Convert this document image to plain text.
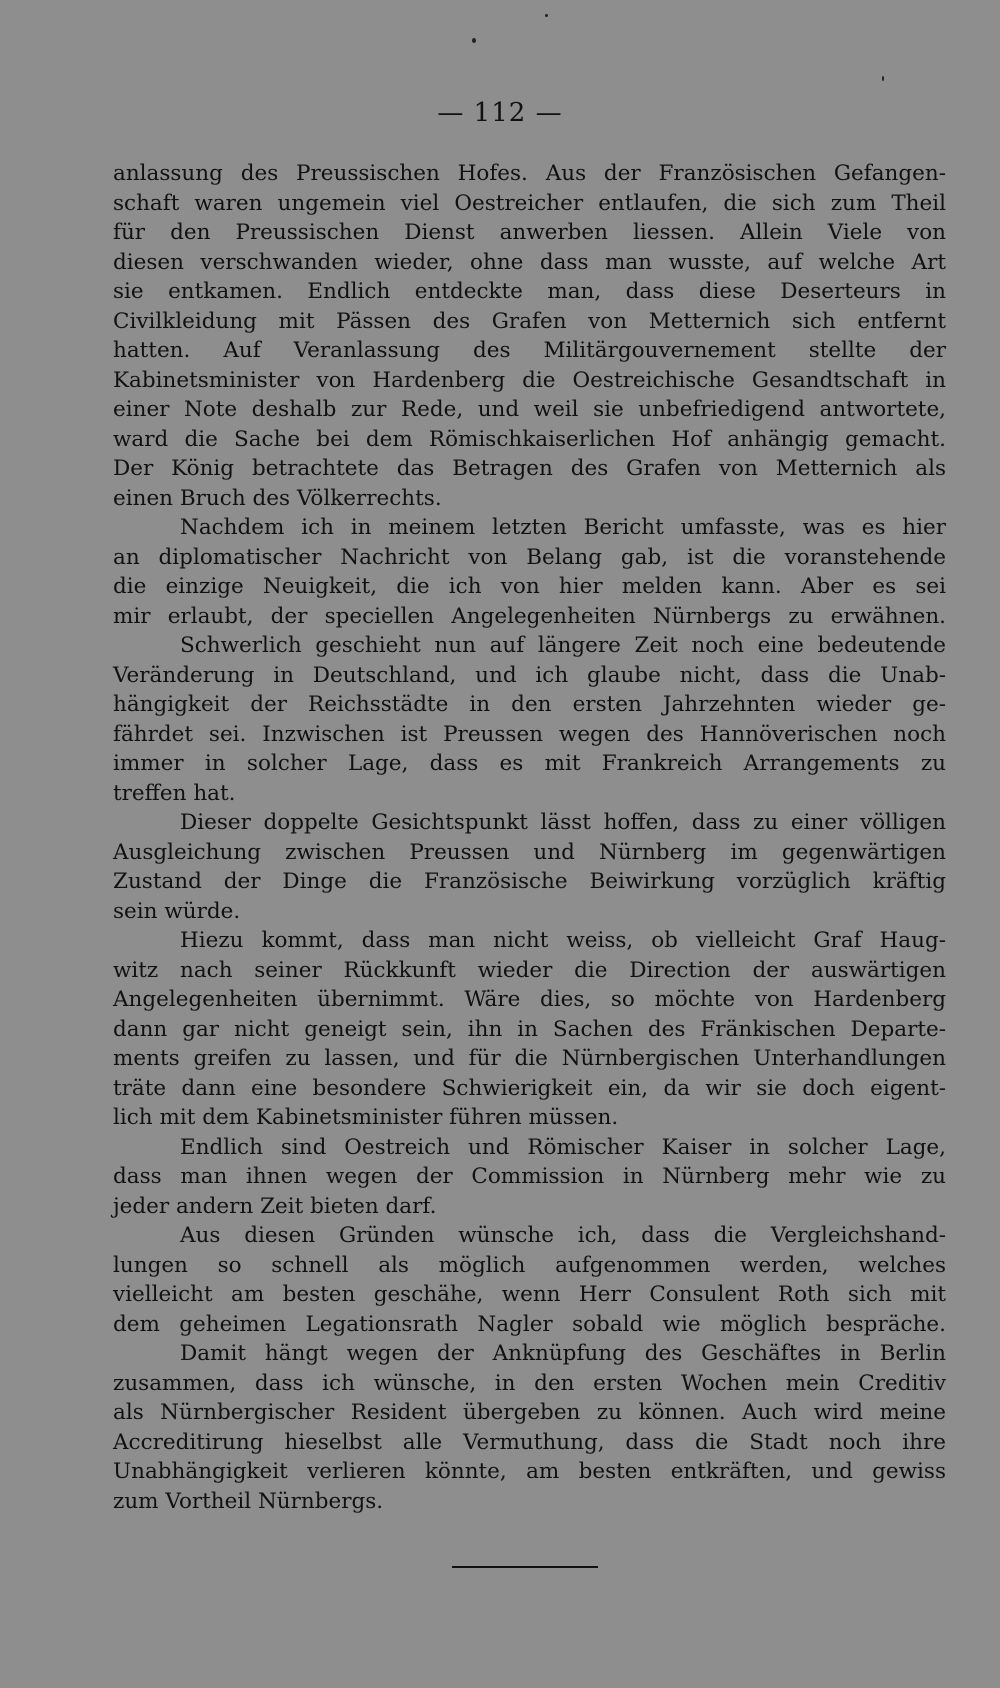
— 112 —
anlassung des Preussischen Hofes. Aus der Französischen Gefangen-
schaft waren ungemein viel Oestreicher entlaufen, die sich zum Theil
für den Preussischen Dienst anwerben liessen. Allein Viele von
diesen verschwanden wieder, ohne dass man wusste, auf welche Art
sie entkamen. Endlich entdeckte man, dass diese Deserteurs in
Civilkleidung mit Pässen des Grafen von Metternich sich entfernt
hatten. Auf Veranlassung des Militärgouvernement stellte der
Kabinetsminister von Hardenberg die Oestreichische Gesandtschaft in
einer Note deshalb zur Rede, und weil sie unbefriedigend antwortete,
ward die Sache bei dem Römischkaiserlichen Hof anhängig gemacht.
Der König betrachtete das Betragen des Grafen von Metternich als
einen Bruch des Völkerrechts.
Nachdem ich in meinem letzten Bericht umfasste, was es hier
an diplomatischer Nachricht von Belang gab, ist die voranstehende
die einzige Neuigkeit, die ich von hier melden kann. Aber es sei
mir erlaubt, der speciellen Angelegenheiten Nürnbergs zu erwähnen.
Schwerlich geschieht nun auf längere Zeit noch eine bedeutende
Veränderung in Deutschland, und ich glaube nicht, dass die Unab-
hängigkeit der Reichsstädte in den ersten Jahrzehnten wieder ge-
fährdet sei. Inzwischen ist Preussen wegen des Hannöverischen noch
immer in solcher Lage, dass es mit Frankreich Arrangements zu
treffen hat.
Dieser doppelte Gesichtspunkt lässt hoffen, dass zu einer völligen
Ausgleichung zwischen Preussen und Nürnberg im gegenwärtigen
Zustand der Dinge die Französische Beiwirkung vorzüglich kräftig
sein würde.
Hiezu kommt, dass man nicht weiss, ob vielleicht Graf Haug-
witz nach seiner Rückkunft wieder die Direction der auswärtigen
Angelegenheiten übernimmt. Wäre dies, so möchte von Hardenberg
dann gar nicht geneigt sein, ihn in Sachen des Fränkischen Departe-
ments greifen zu lassen, und für die Nürnbergischen Unterhandlungen
träte dann eine besondere Schwierigkeit ein, da wir sie doch eigent-
lich mit dem Kabinetsminister führen müssen.
Endlich sind Oestreich und Römischer Kaiser in solcher Lage,
dass man ihnen wegen der Commission in Nürnberg mehr wie zu
jeder andern Zeit bieten darf.
Aus diesen Gründen wünsche ich, dass die Vergleichshand-
lungen so schnell als möglich aufgenommen werden, welches
vielleicht am besten geschähe, wenn Herr Consulent Roth sich mit
dem geheimen Legationsrath Nagler sobald wie möglich bespräche.
Damit hängt wegen der Anknüpfung des Geschäftes in Berlin
zusammen, dass ich wünsche, in den ersten Wochen mein Creditiv
als Nürnbergischer Resident übergeben zu können. Auch wird meine
Accreditirung hieselbst alle Vermuthung, dass die Stadt noch ihre
Unabhängigkeit verlieren könnte, am besten entkräften, und gewiss
zum Vortheil Nürnbergs.
